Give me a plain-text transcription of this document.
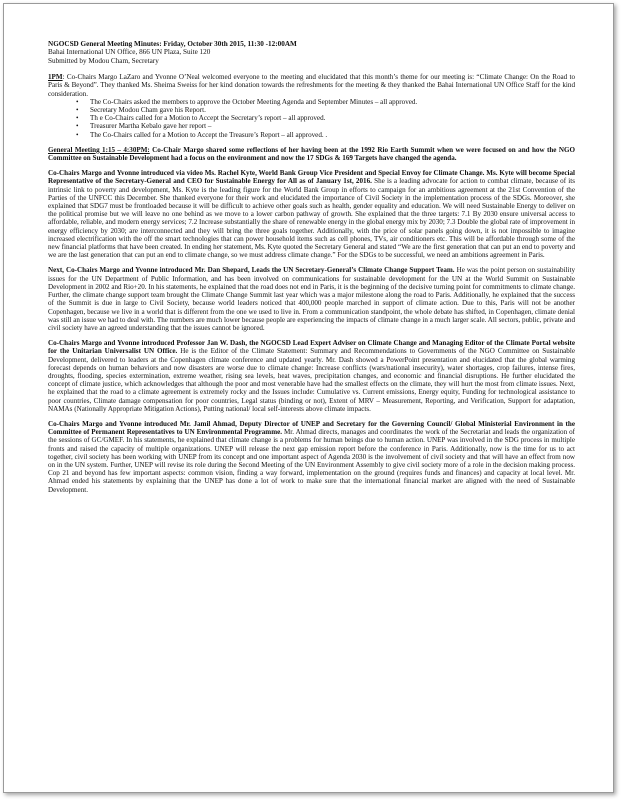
NGOCSD General Meeting Minutes: Friday, October 30th 2015, 11:30 -12:00AM
Bahai International UN Office, 866 UN Plaza, Suite 120
Submitted by Modou Cham, Secretary

1PM: Co-Chairs Margo LaZaro and Yvonne O’Neal welcomed everyone to the meeting and elucidated that this month’s theme for our meeting is: “Climate Change: On the Road to Paris & Beyond”. They thanked Ms. Sheima Sweiss for her kind donation towards the refreshments for the meeting & they thanked the Bahai International UN Office Staff for the kind consideration.

• The Co-Chairs asked the members to approve the October Meeting Agenda and September Minutes – all approved.
• Secretary Modou Cham gave his Report.
• Th e Co-Chairs called for a Motion to Accept the Secretary’s report – all approved.
• Treasurer Martha Kebalo gave her report –
• The Co-Chairs called for a Motion to Accept the Treasure’s Report – all approved. .

General Meeting 1:15 – 4:30PM: Co-Chair Margo shared some reflections of her having been at the 1992 Rio Earth Summit when we were focused on and how the NGO Committee on Sustainable Development had a focus on the environment and now the 17 SDGs & 169 Targets have changed the agenda.

Co-Chairs Margo and Yvonne introduced via video Ms. Rachel Kyte, World Bank Group Vice President and Special Envoy for Climate Change. Ms. Kyte will become Special Representative of the Secretary-General and CEO for Sustainable Energy for All as of January 1st, 2016. She is a leading advocate for action to combat climate, because of its intrinsic link to poverty and development, Ms. Kyte is the leading figure for the World Bank Group in efforts to campaign for an ambitious agreement at the 21st Convention of the Parties of the UNFCC this December. She thanked everyone for their work and elucidated the importance of Civil Society in the implementation process of the SDGs. Moreover, she explained that SDG7 must be frontloaded because it will be difficult to achieve other goals such as health, gender equality and education. We will need Sustainable Energy to deliver on the political promise but we will leave no one behind as we move to a lower carbon pathway of growth. She explained that the three targets: 7.1 By 2030 ensure universal access to affordable, reliable, and modern energy services; 7.2 Increase substantially the share of renewable energy in the global energy mix by 2030; 7.3 Double the global rate of improvement in energy efficiency by 2030; are interconnected and they will bring the three goals together. Additionally, with the price of solar panels going down, it is not impossible to imagine increased electrification with the off the smart technologies that can power household items such as cell phones, TVs, air conditioners etc. This will be affordable through some of the new financial platforms that have been created. In ending her statement, Ms. Kyte quoted the Secretary General and stated “We are the first generation that can put an end to poverty and we are the last generation that can put an end to climate change, so we must address climate change.” For the SDGs to be successful, we need an ambitions agreement in Paris.

Next, Co-Chairs Margo and Yvonne introduced Mr. Dan Shepard, Leads the UN Secretary-General’s Climate Change Support Team. He was the point person on sustainability issues for the UN Department of Public Information, and has been involved on communications for sustainable development for the UN at the World Summit on Sustainable Development in 2002 and Rio+20. In his statements, he explained that the road does not end in Paris, it is the beginning of the decisive turning point for commitments to climate change. Further, the climate change support team brought the Climate Change Summit last year which was a major milestone along the road to Paris. Additionally, he explained that the success of the Summit is due in large to Civil Society, because world leaders noticed that 400,000 people marched in support of climate action. Due to this, Paris will not be another Copenhagen, because we live in a world that is different from the one we used to live in. From a communication standpoint, the whole debate has shifted, in Copenhagen, climate denial was still an issue we had to deal with. The numbers are much lower because people are experiencing the impacts of climate change in a much larger scale. All sectors, public, private and civil society have an agreed understanding that the issues cannot be ignored.

Co-Chairs Margo and Yvonne introduced Professor Jan W. Dash, the NGOCSD Lead Expert Adviser on Climate Change and Managing Editor of the Climate Portal website for the Unitarian Universalist UN Office. He is the Editor of the Climate Statement: Summary and Recommendations to Governments of the NGO Committee on Sustainable Development, delivered to leaders at the Copenhagen climate conference and updated yearly. Mr. Dash showed a PowerPoint presentation and elucidated that the global warming forecast depends on human behaviors and now disasters are worse due to climate change: Increase conflicts (wars/national insecurity), water shortages, crop failures, intense fires, droughts, flooding, species extermination, extreme weather, rising sea levels, heat waves, precipitation changes, and economic and financial disruptions. He further elucidated the concept of climate justice, which acknowledges that although the poor and most venerable have had the smallest effects on the climate, they will hurt the most from climate issues. Next, he explained that the road to a climate agreement is extremely rocky and the Issues include: Cumulative vs. Current emissions, Energy equity, Funding for technological assistance to poor countries, Climate damage compensation for poor countries, Legal status (binding or not), Extent of MRV – Measurement, Reporting, and Verification, Support for adaptation, NAMAs (Nationally Appropriate Mitigation Actions), Putting national/ local self-interests above climate impacts.

Co-Chairs Margo and Yvonne introduced Mr. Jamil Ahmad, Deputy Director of UNEP and Secretary for the Governing Council/ Global Ministerial Environment in the Committee of Permanent Representatives to UN Environmental Programme. Mr. Ahmad directs, manages and coordinates the work of the Secretariat and leads the organization of the sessions of GC/GMEF. In his statements, he explained that climate change is a problems for human beings due to human action. UNEP was involved in the SDG process in multiple fronts and raised the capacity of multiple organizations. UNEP will release the next gap emission report before the conference in Paris. Additionally, now is the time for us to act together, civil society has been working with UNEP from its concept and one important aspect of Agenda 2030 is the involvement of civil society and that will have an effect from now on in the UN system. Further, UNEP will revise its role during the Second Meeting of the UN Environment Assembly to give civil society more of a role in the decision making process. Cop 21 and beyond has few important aspects: common vision, finding a way forward, implementation on the ground (requires funds and finances) and capacity at local level. Mr. Ahmad ended his statements by explaining that the UNEP has done a lot of work to make sure that the international financial market are aligned with the need of Sustainable Development.
